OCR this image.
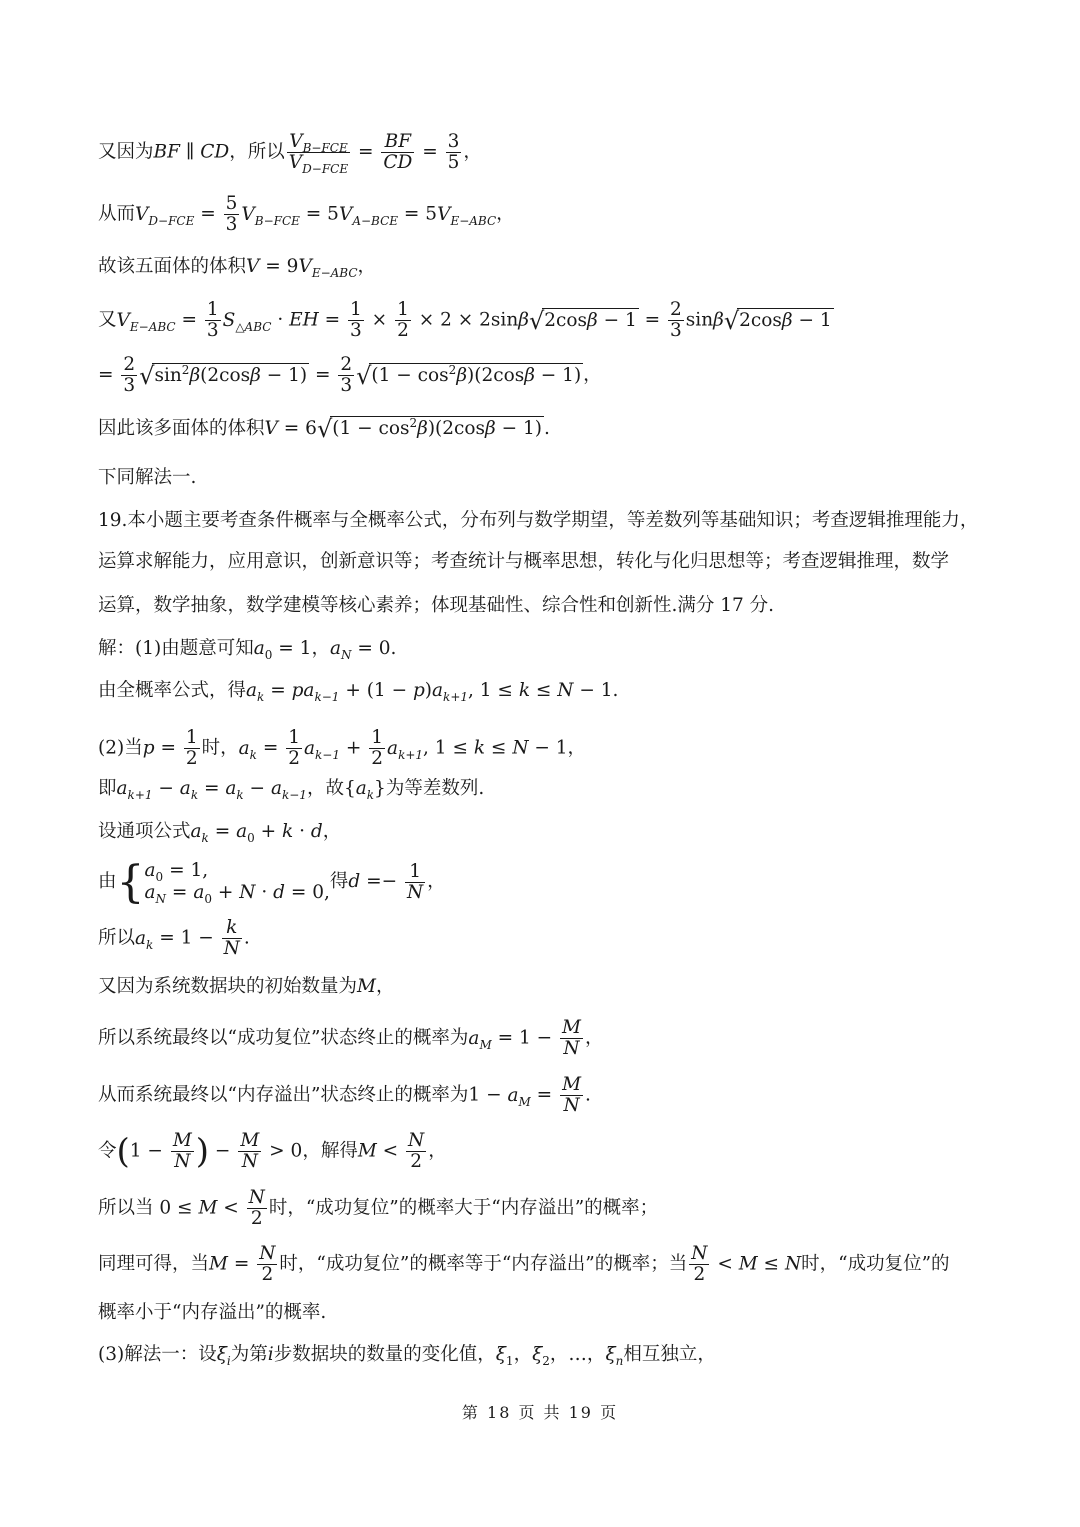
又因为BF ∥ CD，所以 $\frac{V_{B-FCE}}{V_{D-FCE}} = \frac{BF}{CD} = \frac{3}{5}$ ，
从而$V_{D-FCE} = \frac{5}{3} V_{B-FCE} = 5V_{A-BCE} = 5V_{E-ABC}$，
故该五面体的体积$V = 9V_{E-ABC}$，
又$V_{E-ABC} = \frac{1}{3} S_{\triangle ABC}$ · EH = $\frac{1}{3} \times \frac{1}{2} \times 2 \times 2\sin\beta√2\cos\beta - 1 = \frac{2}{3} \sin\beta√2\cos\beta - 1$
= $\frac{2}{3} √\sin^2\beta(2\cos\beta - 1) = \frac{2}{3} √(1 - \cos^2\beta)(2\cos\beta - 1)$ ，
因此该多面体的体积$V = 6√(1 - \cos^2\beta)(2\cos\beta - 1)$ .
下同解法一.
19.本小题主要考查条件概率与全概率公式，分布列与数学期望，等差数列等基础知识；考查逻辑推理能力，
运算求解能力，应用意识，创新意识等；考查统计与概率思想，转化与化归思想等；考查逻辑推理，数学
运算，数学抽象，数学建模等核心素养；体现基础性、综合性和创新性.满分 17 分.
解：(1)由题意可知$a_0 = 1$，$a_N = 0$.
由全概率公式，得$a_k = pa_{k-1} + (1 - p)a_{k+1}$, 1 ≤ k ≤ N − 1.
(2)当$p = \frac{1}{2}$ 时，$a_k = \frac{1}{2} a_{k-1} + \frac{1}{2} a_{k+1}$, 1 ≤ k ≤ N − 1，
即$a_{k+1} - a_k = a_k - a_{k-1}$，故$\{a_k\}$为等差数列.
设通项公式$a_k = a_0 + k \cdot d$，
由{ $a_0 = 1$,
$a_N = a_0 + N \cdot d = 0$,
得$d =- \frac{1}{N}$ ，
所以$a_k = 1 - \frac{k}{N}$ .
又因为系统数据块的初始数量为M，
所以系统最终以“成功复位”状态终止的概率为$a_M = 1 - \frac{M}{N}$ ，
从而系统最终以“内存溢出”状态终止的概率为$1 - a_M = \frac{M}{N}$ .
令($1 - \frac{M}{N}$ ) − $\frac{M}{N} > 0$，解得$M < \frac{N}{2}$ ，
所以当 $0 \le M < \frac{N}{2}$ 时，“成功复位”的概率大于“内存溢出”的概率；
同理可得，当$M = \frac{N}{2}$ 时，“成功复位”的概率等于“内存溢出”的概率；当 $\frac{N}{2} < M \le N$时，“成功复位”的
概率小于“内存溢出”的概率.
(3)解法一：设$\xi_i$为第i步数据块的数量的变化值，$\xi_1$，$\xi_2$，…，$\xi_n$相互独立，
第 18 页 共 19 页
